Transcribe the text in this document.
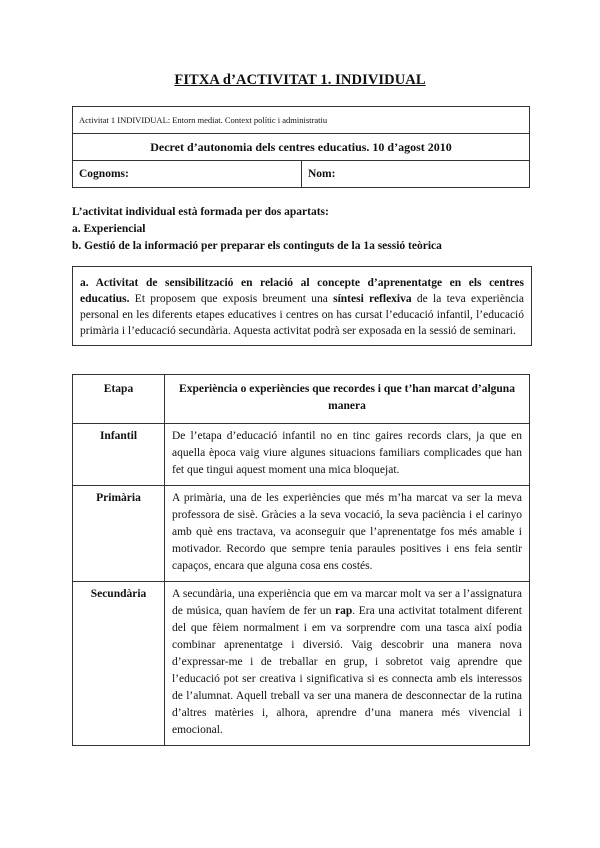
FITXA d’ACTIVITAT 1. INDIVIDUAL
Activitat 1 INDIVIDUAL: Entorn mediat. Context polític i administratiu
Decret d’autonomia dels centres educatius. 10 d’agost 2010
Cognoms:	Nom:
L’activitat individual està formada per dos apartats:
a. Experiencial
b. Gestió de la informació per preparar els continguts de la 1a sessió teòrica
a. Activitat de sensibilització en relació al concepte d’aprenentatge en els centres educatius. Et proposem que exposis breument una síntesi reflexiva de la teva experiència personal en les diferents etapes educatives i centres on has cursat l’educació infantil, l’educació primària i l’educació secundària. Aquesta activitat podrà ser exposada en la sessió de seminari.
Etapa	Experiència o experiències que recordes i que t’han marcat d’alguna manera
Infantil	De l’etapa d’educació infantil no en tinc gaires records clars, ja que en aquella època vaig viure algunes situacions familiars complicades que han fet que tingui aquest moment una mica bloquejat.
Primària	A primària, una de les experiències que més m’ha marcat va ser la meva professora de sisè. Gràcies a la seva vocació, la seva paciència i el carinyo amb què ens tractava, va aconseguir que l’aprenentatge fos més amable i motivador. Recordo que sempre tenia paraules positives i ens feia sentir capaços, encara que alguna cosa ens costés.
Secundària	A secundària, una experiència que em va marcar molt va ser a l’assignatura de música, quan havíem de fer un rap. Era una activitat totalment diferent del que fèiem normalment i em va sorprendre com una tasca així podia combinar aprenentatge i diversió. Vaig descobrir una manera nova d’expressar-me i de treballar en grup, i sobretot vaig aprendre que l’educació pot ser creativa i significativa si es connecta amb els interessos de l’alumnat. Aquell treball va ser una manera de desconnectar de la rutina d’altres matèries i, alhora, aprendre d’una manera més vivencial i emocional.
